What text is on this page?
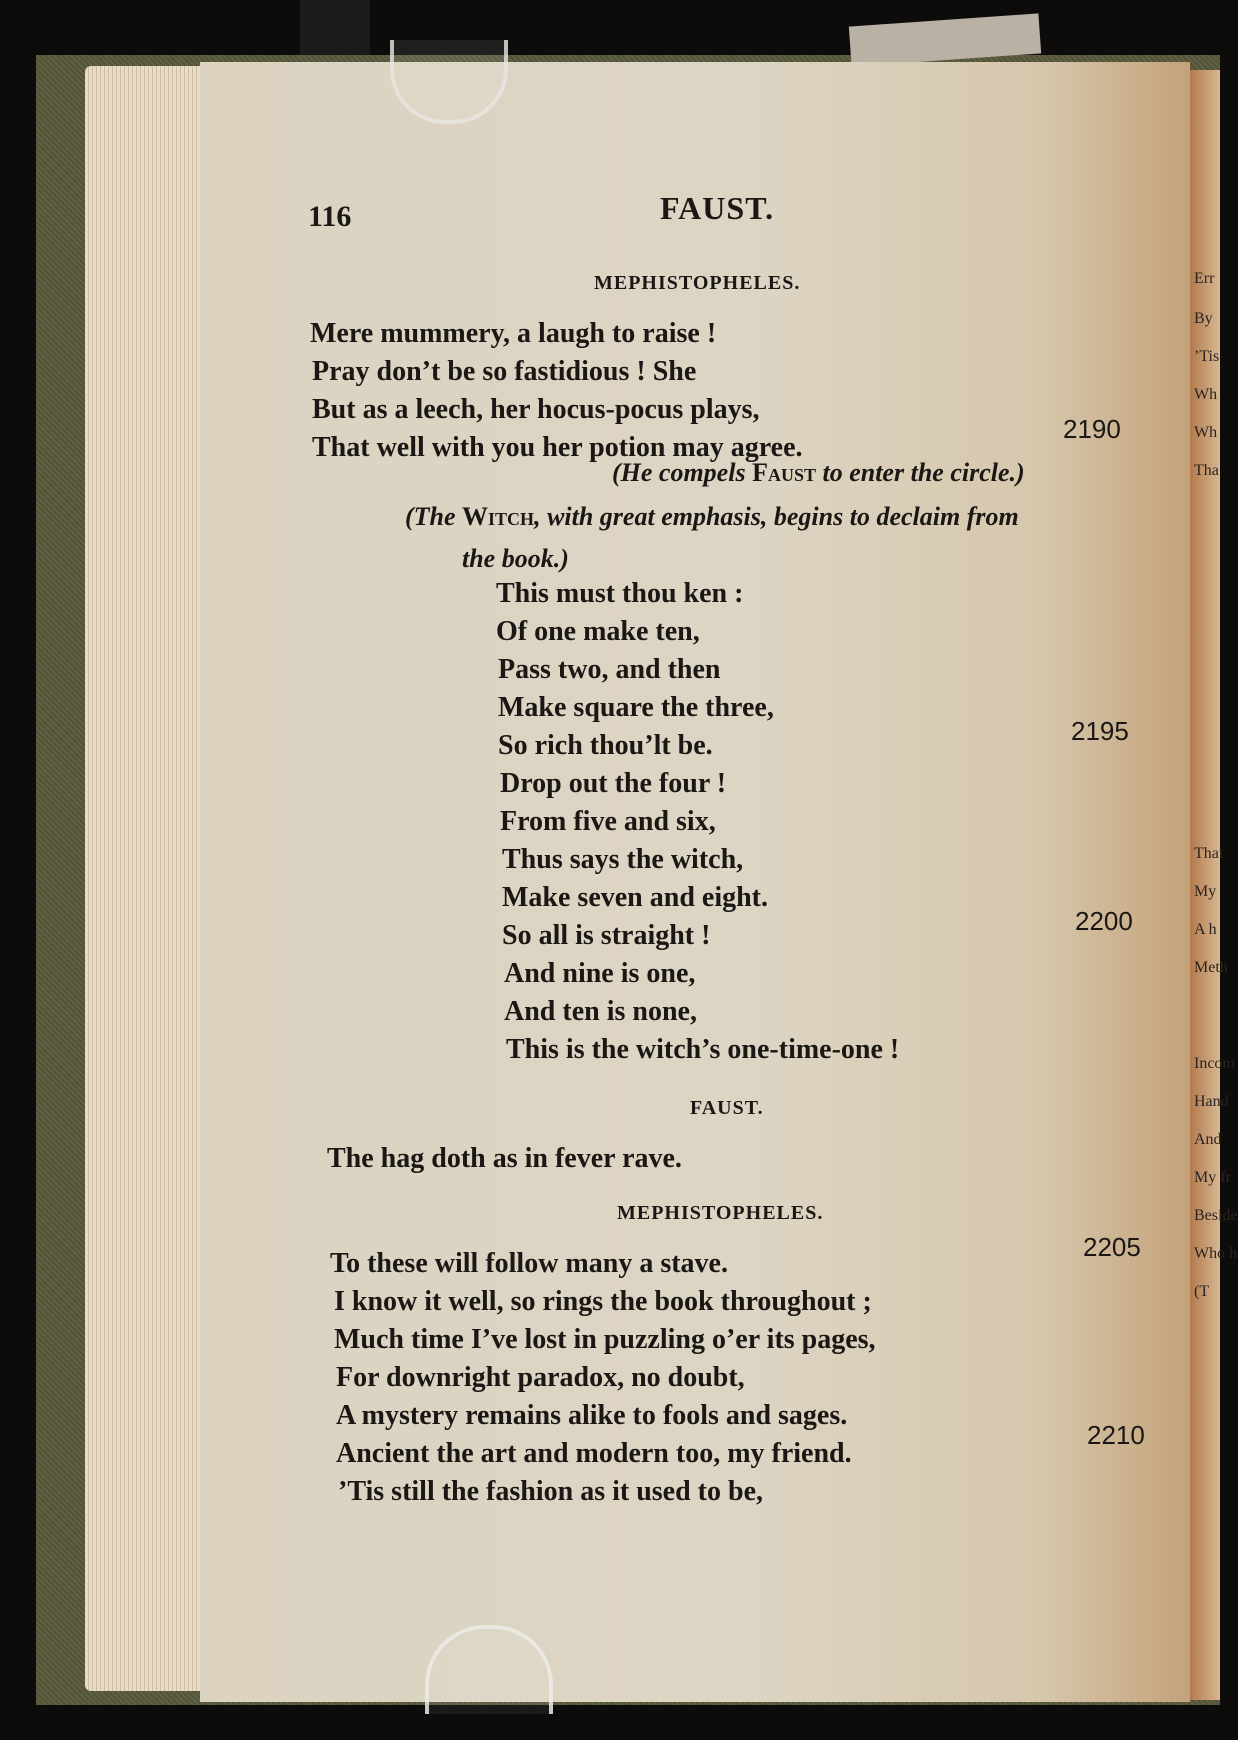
Err
By
’Tis
Wh
Wh
Tha
That
My
A h
Meth
Incom
Hand
And
My fr
Beside
Who h
(T
116	FAUST.
MEPHISTOPHELES.
Mere mummery, a laugh to raise !
Pray don’t be so fastidious ! She
But as a leech, her hocus-pocus plays,
That well with you her potion may agree.
2190
(He compels Faust to enter the circle.)
(The Witch, with great emphasis, begins to declaim from
the book.)
This must thou ken :
Of one make ten,
Pass two, and then
Make square the three,
So rich thou’lt be.	2195
Drop out the four !
From five and six,
Thus says the witch,
Make seven and eight.
So all is straight !	2200
And nine is one,
And ten is none,
This is the witch’s one-time-one !
FAUST.
The hag doth as in fever rave.
MEPHISTOPHELES.
To these will follow many a stave.
2205
I know it well, so rings the book throughout ;
Much time I’ve lost in puzzling o’er its pages,
For downright paradox, no doubt,
A mystery remains alike to fools and sages.
Ancient the art and modern too, my friend.
2210
’Tis still the fashion as it used to be,
